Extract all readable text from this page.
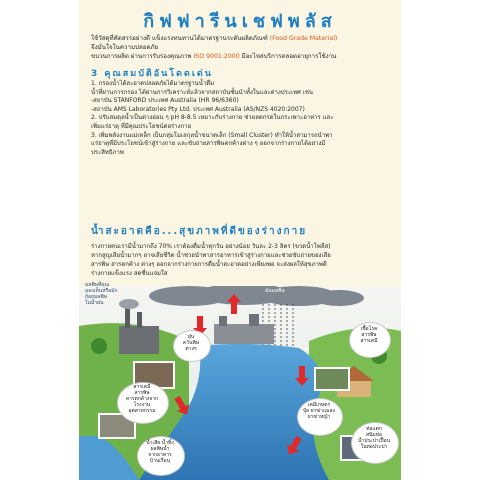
กิฟฟารีนเชฟพลัส
ใช้วัสดุที่คัดสรรอย่างดี แข็งแรงทนทานได้มาตรฐานระดับผลิตภัณฑ์ (Food Grade Material)
จึงมั่นใจในความปลอดภัย
ขบวนการผลิต ผ่านการรับรองคุณภาพ ISO 9001:2000 มีอะไหล่บริการตลอดอายุการใช้งาน
3 คุณสมบัติอันโดดเด่น

1. กรองน้ำได้สะอาดปลอดภัยได้มาตรฐานน้ำดื่ม

น้ำที่ผ่านการกรอง ได้ผ่านการวิเคราะห์แล้วจากสถาบันชั้นนำทั้งในและต่างประเทศ เช่น

-สถาบัน STANFORD ประเทศ Australia (HR 96/6360)

-สถาบัน AMS Laboratories Pty Ltd. ประเทศ Australia (AS/NZS 4020:2007)

2. ปรับสมดุลน้ำเป็นด่างอ่อน ๆ pH 8-8.5 เหมาะกับร่างกาย ช่วยลดกรดในกระเพาะอาหาร และ

เพิ่มแร่ธาตุ ที่มีคุณประโยชน์ต่อร่างกาย

3. เพิ่มพลังงานแม่เหล็ก เป็นกลุ่มโมเลกุลน้ำขนาดเล็ก (Small Cluster) ทำให้น้ำสามารถนำพา

แร่ธาตุที่มีประโยชน์เข้าสู่ร่างกาย และขับถ่ายสารพิษตกค้างต่าง ๆ ออกจากร่างกายได้อย่างมี

ประสิทธิภาพ

น้ำสะอาดคือ...สุขภาพที่ดีของร่างกาย
ร่างกายคนเรามีน้ำมากถึง 70% เราต้องดื่มน้ำทุกวัน อย่างน้อย วันละ 2-3 ลิตร (ขวดน้ำโพลีส)
หากสูญเสียน้ำมากๆ อาจเสียชีวิต น้ำช่วยนำพาสารอาหารเข้าสู่ร่างกายและช่วยขับถ่ายของเสีย
สารพิษ สารตกค้าง ต่างๆ ออกจากร่างกายการดื่มน้ำสะอาดอย่างเพียงพอ จะส่งผลให้สุขภาพดี
ร่างกายแข็งแรง สดชื่นแจ่มใส
มลพิษที่คุณ
มองเห็นหรือมัก
ถ้อยมลพิษ
ในน้ำฝน
ฝนมลพิษ
ฝุ่น
ควันพิษ
ต่างๆ
สารเคมี
สารพิษ
สารตกค้างจาก
โรงงาน
อุตสาหกรรม
น้ำเสีย น้ำทิ้ง
ผลพิษน้ำ
จากอาคาร
บ้านเรือน
เชื้อโรค
สารพิษ
สารเคมี
เคมีเกษตร
ปุ๋ย ยาฆ่าแมลง
ยาฆ่าหญ้า
ท่อแตก
สนิมท่อ
น้ำประปาเปื้อน
ในท่อประปา
